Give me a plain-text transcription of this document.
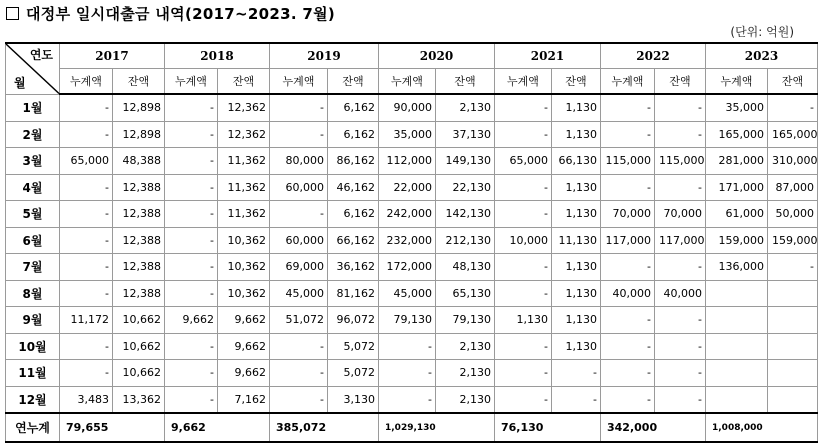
대정부 일시대출금 내역(2017~2023. 7월)
(단위: 억원)
연도
월	2017		2018		2019		2020		2021		2022		2023	
	누계액	잔액	누계액	잔액	누계액	잔액	누계액	잔액	누계액	잔액	누계액	잔액	누계액	잔액
1월	-	12,898	-	12,362	-	6,162	90,000	2,130	-	1,130	-	-	35,000	-
2월	-	12,898	-	12,362	-	6,162	35,000	37,130	-	1,130	-	-	165,000	165,000
3월	65,000	48,388	-	11,362	80,000	86,162	112,000	149,130	65,000	66,130	115,000	115,000	281,000	310,000
4월	-	12,388	-	11,362	60,000	46,162	22,000	22,130	-	1,130	-	-	171,000	87,000
5월	-	12,388	-	11,362	-	6,162	242,000	142,130	-	1,130	70,000	70,000	61,000	50,000
6월	-	12,388	-	10,362	60,000	66,162	232,000	212,130	10,000	11,130	117,000	117,000	159,000	159,000
7월	-	12,388	-	10,362	69,000	36,162	172,000	48,130	-	1,130	-	-	136,000	-
8월	-	12,388	-	10,362	45,000	81,162	45,000	65,130	-	1,130	40,000	40,000		
9월	11,172	10,662	9,662	9,662	51,072	96,072	79,130	79,130	1,130	1,130	-	-		
10월	-	10,662	-	9,662	-	5,072	-	2,130	-	1,130	-	-		
11월	-	10,662	-	9,662	-	5,072	-	2,130	-	-	-	-		
12월	3,483	13,362	-	7,162	-	3,130	-	2,130	-	-	-	-		
연누계	79,655		9,662		385,072		1,029,130		76,130		342,000		1,008,000	
